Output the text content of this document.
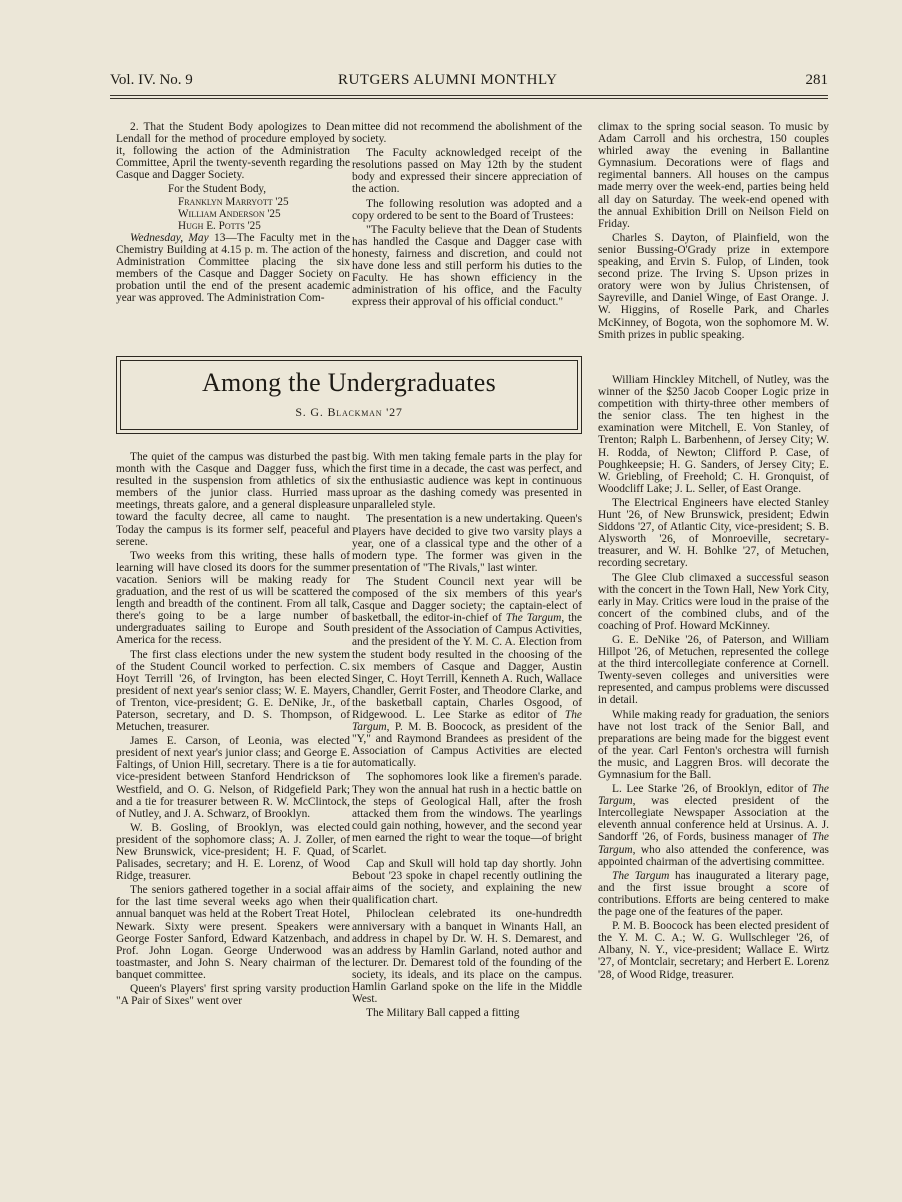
Vol. IV. No. 9	RUTGERS ALUMNI MONTHLY	281

2. That the Student Body apologizes to Dean Lendall for the method of procedure employed by it, following the action of the Administration Committee, April the twenty-seventh regarding the Casque and Dagger Society.

For the Student Body,
Franklyn Marryott '25
William Anderson '25
Hugh E. Potts '25

Wednesday, May 13—The Faculty met in the Chemistry Building at 4.15 p. m. The action of the Administration Committee placing the six members of the Casque and Dagger Society on probation until the end of the present academic year was approved. The Administration Com-

mittee did not recommend the abolishment of the society.

The Faculty acknowledged receipt of the resolutions passed on May 12th by the student body and expressed their sincere appreciation of the action.

The following resolution was adopted and a copy ordered to be sent to the Board of Trustees:

"The Faculty believe that the Dean of Students has handled the Casque and Dagger case with honesty, fairness and discretion, and could not have done less and still perform his duties to the Faculty. He has shown efficiency in the administration of his office, and the Faculty express their approval of his official conduct."

climax to the spring social season. To music by Adam Carroll and his orchestra, 150 couples whirled away the evening in Ballantine Gymnasium. Decorations were of flags and regimental banners. All houses on the campus made merry over the week-end, parties being held all day on Saturday. The week-end opened with the annual Exhibition Drill on Neilson Field on Friday.

Charles S. Dayton, of Plainfield, won the senior Bussing-O'Grady prize in extempore speaking, and Ervin S. Fulop, of Linden, took second prize. The Irving S. Upson prizes in oratory were won by Julius Christensen, of Sayreville, and Daniel Winge, of East Orange. J. W. Higgins, of Roselle Park, and Charles McKinney, of Bogota, won the sophomore M. W. Smith prizes in public speaking.

Among the Undergraduates
S. G. Blackman '27

The quiet of the campus was disturbed the past month with the Casque and Dagger fuss, which resulted in the suspension from athletics of six members of the junior class. Hurried mass meetings, threats galore, and a general displeasure toward the faculty decree, all came to naught. Today the campus is its former self, peaceful and serene.

Two weeks from this writing, these halls of learning will have closed its doors for the summer vacation. Seniors will be making ready for graduation, and the rest of us will be scattered the length and breadth of the continent. From all talk, there's going to be a large number of undergraduates sailing to Europe and South America for the recess.

The first class elections under the new system of the Student Council worked to perfection. C. Hoyt Terrill '26, of Irvington, has been elected president of next year's senior class; W. E. Mayers, of Trenton, vice-president; G. E. DeNike, Jr., of Paterson, secretary, and D. S. Thompson, of Metuchen, treasurer.

James E. Carson, of Leonia, was elected president of next year's junior class; and George E. Faltings, of Union Hill, secretary. There is a tie for vice-president between Stanford Hendrickson of Westfield, and O. G. Nelson, of Ridgefield Park; and a tie for treasurer between R. W. McClintock, of Nutley, and J. A. Schwarz, of Brooklyn.

W. B. Gosling, of Brooklyn, was elected president of the sophomore class; A. J. Zoller, of New Brunswick, vice-president; H. F. Quad, of Palisades, secretary; and H. E. Lorenz, of Wood Ridge, treasurer.

The seniors gathered together in a social affair for the last time several weeks ago when their annual banquet was held at the Robert Treat Hotel, Newark. Sixty were present. Speakers were George Foster Sanford, Edward Katzenbach, and Prof. John Logan. George Underwood was toastmaster, and John S. Neary chairman of the banquet committee.

Queen's Players' first spring varsity production "A Pair of Sixes" went over

big. With men taking female parts in the play for the first time in a decade, the cast was perfect, and the enthusiastic audience was kept in continuous uproar as the dashing comedy was presented in unparalleled style.

The presentation is a new undertaking. Queen's Players have decided to give two varsity plays a year, one of a classical type and the other of a modern type. The former was given in the presentation of "The Rivals," last winter.

The Student Council next year will be composed of the six members of this year's Casque and Dagger society; the captain-elect of basketball, the editor-in-chief of The Targum, the president of the Association of Campus Activities, and the president of the Y. M. C. A. Election from the student body resulted in the choosing of the six members of Casque and Dagger, Austin Singer, C. Hoyt Terrill, Kenneth A. Ruch, Wallace Chandler, Gerrit Foster, and Theodore Clarke, and the basketball captain, Charles Osgood, of Ridgewood. L. Lee Starke as editor of The Targum, P. M. B. Boocock, as president of the "Y," and Raymond Brandees as president of the Association of Campus Activities are elected automatically.

The sophomores look like a firemen's parade. They won the annual hat rush in a hectic battle on the steps of Geological Hall, after the frosh attacked them from the windows. The yearlings could gain nothing, however, and the second year men earned the right to wear the toque—of bright Scarlet.

Cap and Skull will hold tap day shortly. John Bebout '23 spoke in chapel recently outlining the aims of the society, and explaining the new qualification chart.

Philoclean celebrated its one-hundredth anniversary with a banquet in Winants Hall, an address in chapel by Dr. W. H. S. Demarest, and an address by Hamlin Garland, noted author and lecturer. Dr. Demarest told of the founding of the society, its ideals, and its place on the campus. Hamlin Garland spoke on the life in the Middle West.

The Military Ball capped a fitting

William Hinckley Mitchell, of Nutley, was the winner of the $250 Jacob Cooper Logic prize in competition with thirty-three other members of the senior class. The ten highest in the examination were Mitchell, E. Von Stanley, of Trenton; Ralph L. Barbenhenn, of Jersey City; W. H. Rodda, of Newton; Clifford P. Case, of Poughkeepsie; H. G. Sanders, of Jersey City; E. W. Griebling, of Freehold; C. H. Gronquist, of Woodcliff Lake; J. L. Seller, of East Orange.

The Electrical Engineers have elected Stanley Hunt '26, of New Brunswick, president; Edwin Siddons '27, of Atlantic City, vice-president; S. B. Alysworth '26, of Monroeville, secretary-treasurer, and W. H. Bohlke '27, of Metuchen, recording secretary.

The Glee Club climaxed a successful season with the concert in the Town Hall, New York City, early in May. Critics were loud in the praise of the concert of the combined clubs, and of the coaching of Prof. Howard McKinney.

G. E. DeNike '26, of Paterson, and William Hillpot '26, of Metuchen, represented the college at the third intercollegiate conference at Cornell. Twenty-seven colleges and universities were represented, and campus problems were discussed in detail.

While making ready for graduation, the seniors have not lost track of the Senior Ball, and preparations are being made for the biggest event of the year. Carl Fenton's orchestra will furnish the music, and Laggren Bros. will decorate the Gymnasium for the Ball.

L. Lee Starke '26, of Brooklyn, editor of The Targum, was elected president of the Intercollegiate Newspaper Association at the eleventh annual conference held at Ursinus. A. J. Sandorff '26, of Fords, business manager of The Targum, who also attended the conference, was appointed chairman of the advertising committee.

The Targum has inaugurated a literary page, and the first issue brought a score of contributions. Efforts are being centered to make the page one of the features of the paper.

P. M. B. Boocock has been elected president of the Y. M. C. A.; W. G. Wullschleger '26, of Albany, N. Y., vice-president; Wallace E. Wirtz '27, of Montclair, secretary; and Herbert E. Lorenz '28, of Wood Ridge, treasurer.
